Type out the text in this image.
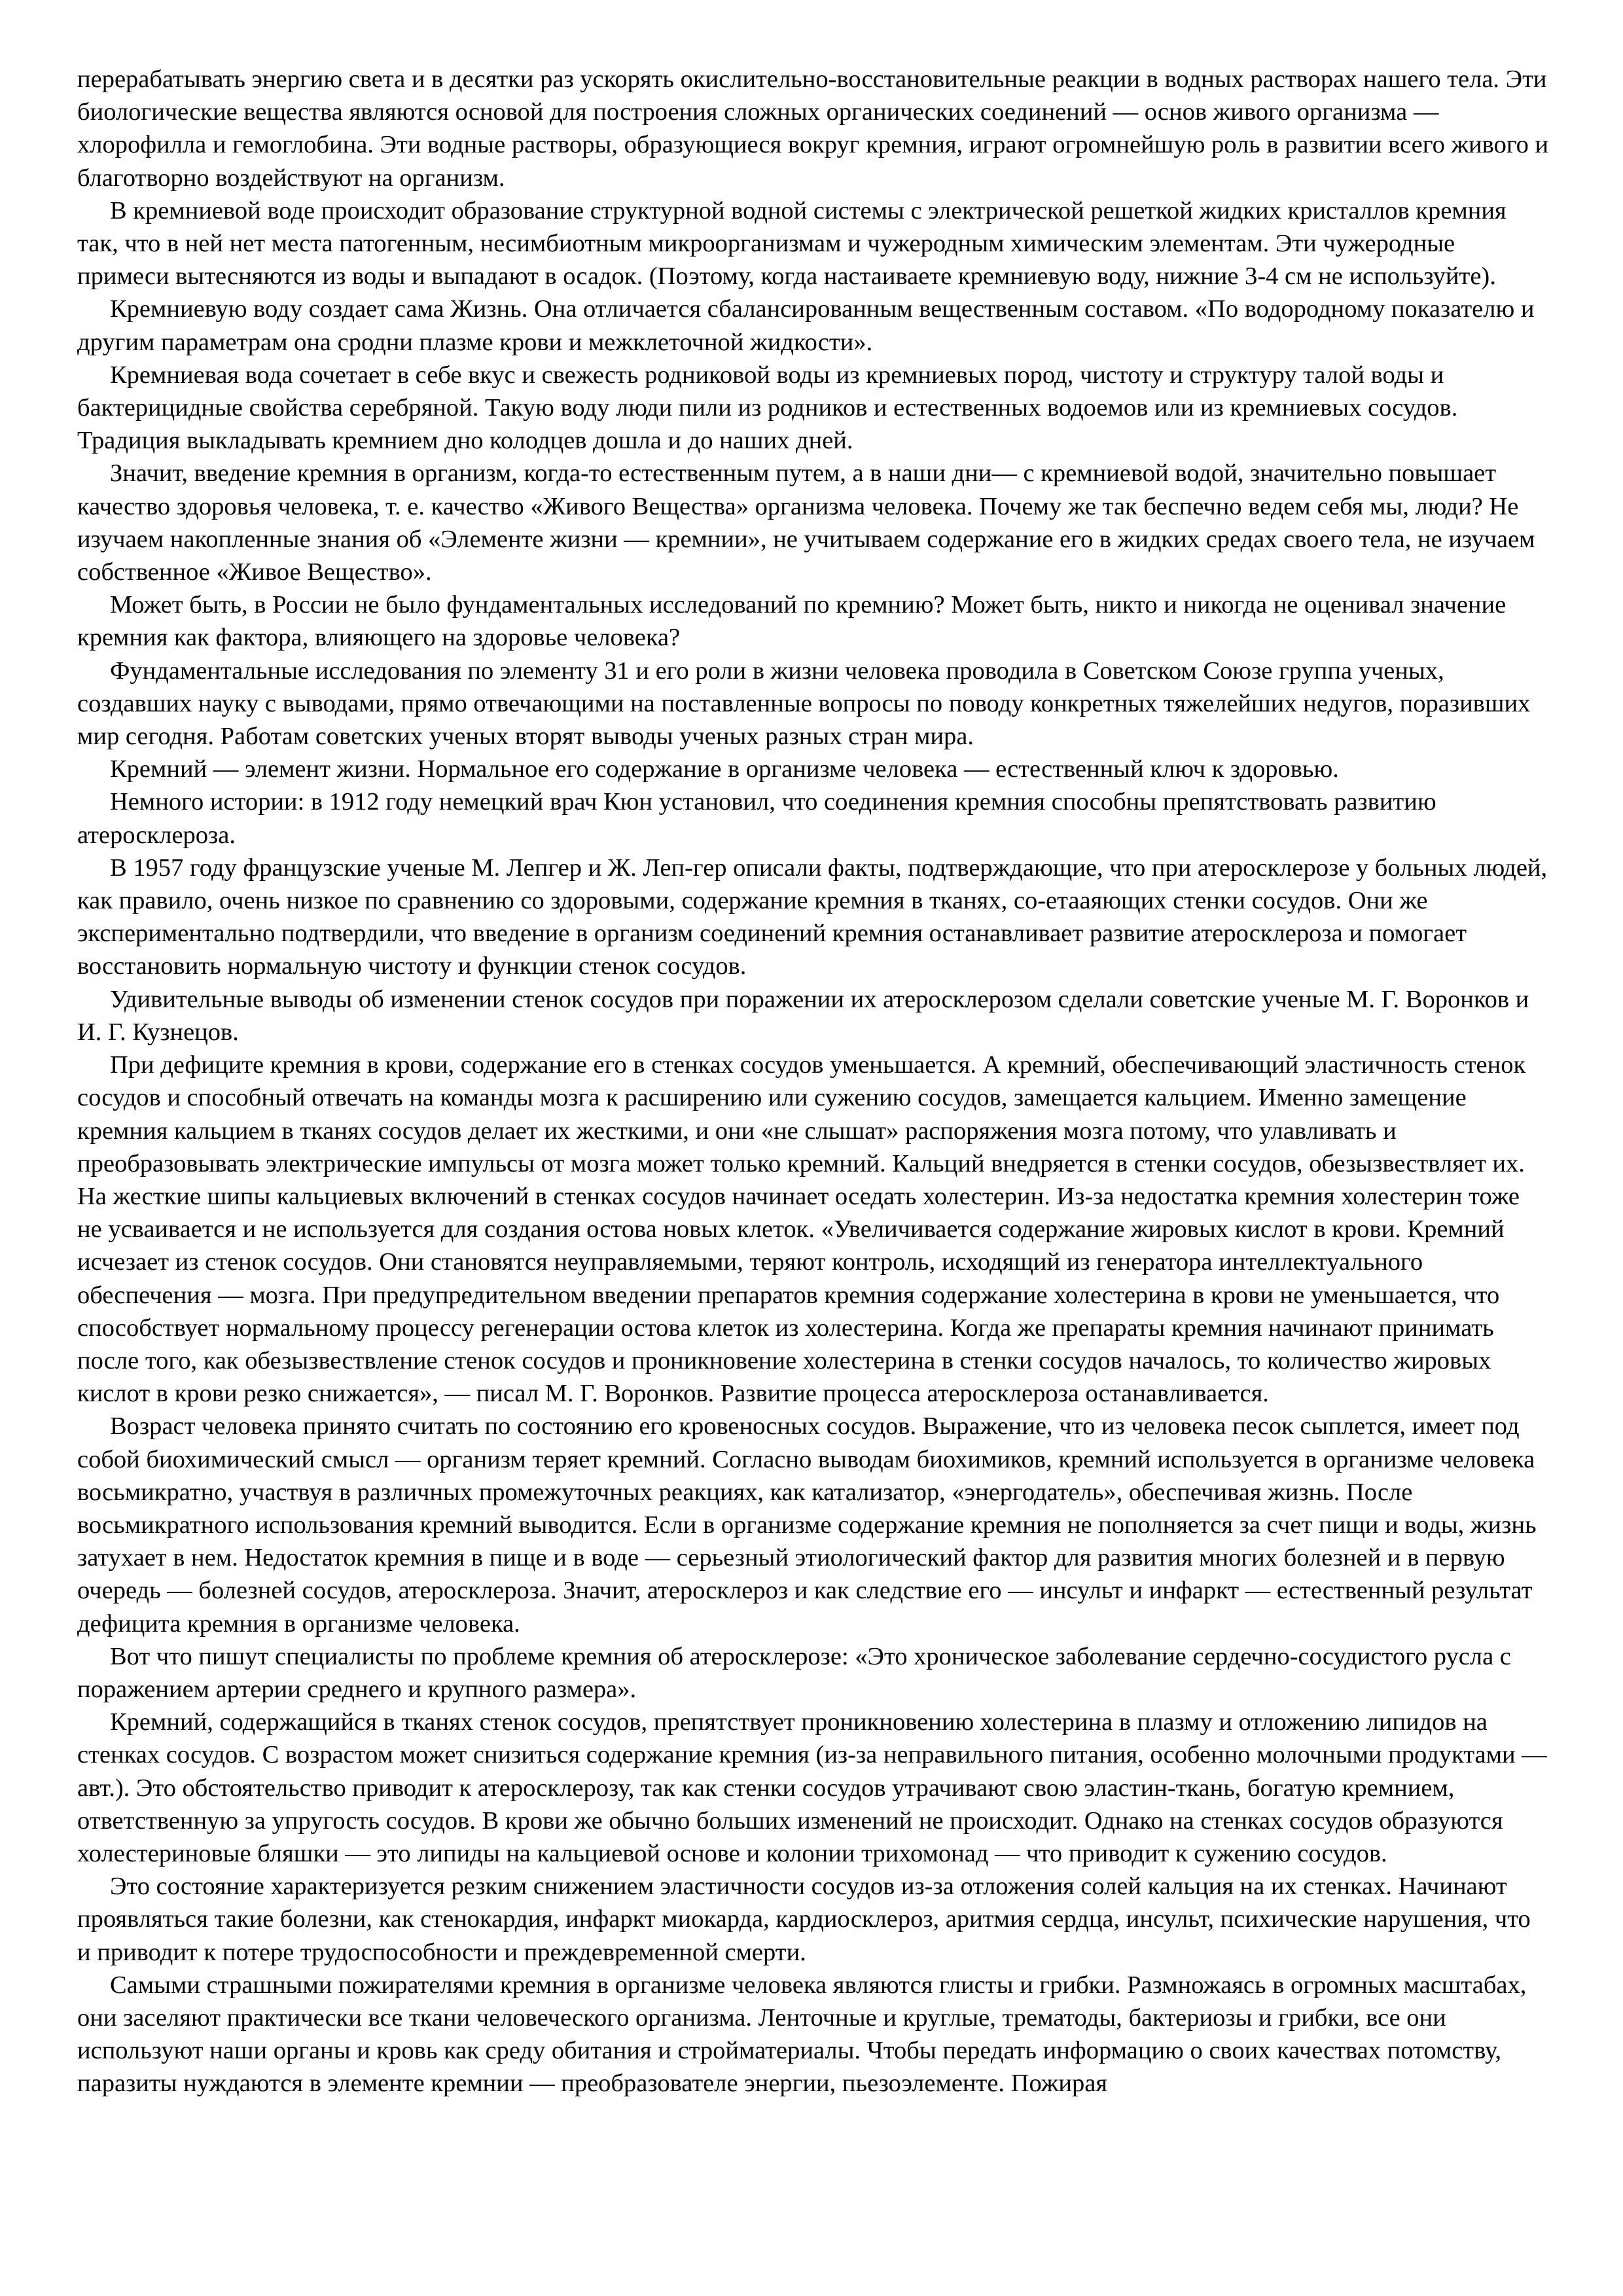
перерабатывать энергию света и в десятки раз ускорять окислительно-восстановительные реакции в водных растворах нашего тела. Эти биологические вещества являются основой для построения сложных органических соединений — основ живого организма — хлорофилла и гемоглобина. Эти водные растворы, образующиеся вокруг кремния, играют огромнейшую роль в развитии всего живого и благотворно воздействуют на организм.

В кремниевой воде происходит образование структурной водной системы с электрической решеткой жидких кристаллов кремния так, что в ней нет места патогенным, несимбиотным микроорганизмам и чужеродным химическим элементам. Эти чужеродные примеси вытесняются из воды и выпадают в осадок. (Поэтому, когда настаиваете кремниевую воду, нижние 3-4 см не используйте).

Кремниевую воду создает сама Жизнь. Она отличается сбалансированным вещественным составом. «По водородному показателю и другим параметрам она сродни плазме крови и межклеточной жидкости».

Кремниевая вода сочетает в себе вкус и свежесть родниковой воды из кремниевых пород, чистоту и структуру талой воды и бактерицидные свойства серебряной. Такую воду люди пили из родников и естественных водоемов или из кремниевых сосудов. Традиция выкладывать кремнием дно колодцев дошла и до наших дней.

Значит, введение кремния в организм, когда-то естественным путем, а в наши дни— с кремниевой водой, значительно повышает качество здоровья человека, т. е. качество «Живого Вещества» организма человека. Почему же так беспечно ведем себя мы, люди? Не изучаем накопленные знания об «Элементе жизни — кремнии», не учитываем содержание его в жидких средах своего тела, не изучаем собственное «Живое Вещество».

Может быть, в России не было фундаментальных исследований по кремнию? Может быть, никто и никогда не оценивал значение кремния как фактора, влияющего на здоровье человека?

Фундаментальные исследования по элементу 31 и его роли в жизни человека проводила в Советском Союзе группа ученых, создавших науку с выводами, прямо отвечающими на поставленные вопросы по поводу конкретных тяжелейших недугов, поразивших мир сегодня. Работам советских ученых вторят выводы ученых разных стран мира.

Кремний — элемент жизни. Нормальное его содержание в организме человека — естественный ключ к здоровью.

Немного истории: в 1912 году немецкий врач Кюн установил, что соединения кремния способны препятствовать развитию атеросклероза.

В 1957 году французские ученые М. Лепгер и Ж. Леп-гер описали факты, подтверждающие, что при атеросклерозе у больных людей, как правило, очень низкое по сравнению со здоровыми, содержание кремния в тканях, со-етааяющих стенки сосудов. Они же экспериментально подтвердили, что введение в организм соединений кремния останавливает развитие атеросклероза и помогает восстановить нормальную чистоту и функции стенок сосудов.

Удивительные выводы об изменении стенок сосудов при поражении их атеросклерозом сделали советские ученые М. Г. Воронков и И. Г. Кузнецов.

При дефиците кремния в крови, содержание его в стенках сосудов уменьшается. А кремний, обеспечивающий эластичность стенок сосудов и способный отвечать на команды мозга к расширению или сужению сосудов, замещается кальцием. Именно замещение кремния кальцием в тканях сосудов делает их жесткими, и они «не слышат» распоряжения мозга потому, что улавливать и преобразовывать электрические импульсы от мозга может только кремний. Кальций внедряется в стенки сосудов, обезызвествляет их. На жесткие шипы кальциевых включений в стенках сосудов начинает оседать холестерин. Из-за недостатка кремния холестерин тоже не усваивается и не используется для создания остова новых клеток. «Увеличивается содержание жировых кислот в крови. Кремний исчезает из стенок сосудов. Они становятся неуправляемыми, теряют контроль, исходящий из генератора интеллектуального обеспечения — мозга. При предупредительном введении препаратов кремния содержание холестерина в крови не уменьшается, что способствует нормальному процессу регенерации остова клеток из холестерина. Когда же препараты кремния начинают принимать после того, как обезызвествление стенок сосудов и проникновение холестерина в стенки сосудов началось, то количество жировых кислот в крови резко снижается», — писал М. Г. Воронков. Развитие процесса атеросклероза останавливается.

Возраст человека принято считать по состоянию его кровеносных сосудов. Выражение, что из человека песок сыплется, имеет под собой биохимический смысл — организм теряет кремний. Согласно выводам биохимиков, кремний используется в организме человека восьмикратно, участвуя в различных промежуточных реакциях, как катализатор, «энергодатель», обеспечивая жизнь. После восьмикратного использования кремний выводится. Если в организме содержание кремния не пополняется за счет пищи и воды, жизнь затухает в нем. Недостаток кремния в пище и в воде — серьезный этиологический фактор для развития многих болезней и в первую очередь — болезней сосудов, атеросклероза. Значит, атеросклероз и как следствие его — инсульт и инфаркт — естественный результат дефицита кремния в организме человека.

Вот что пишут специалисты по проблеме кремния об атеросклерозе: «Это хроническое заболевание сердечно-сосудистого русла с поражением артерии среднего и крупного размера».

Кремний, содержащийся в тканях стенок сосудов, препятствует проникновению холестерина в плазму и отложению липидов на стенках сосудов. С возрастом может снизиться содержание кремния (из-за неправильного питания, особенно молочными продуктами — авт.). Это обстоятельство приводит к атеросклерозу, так как стенки сосудов утрачивают свою эластин-ткань, богатую кремнием, ответственную за упругость сосудов. В крови же обычно больших изменений не происходит. Однако на стенках сосудов образуются холестериновые бляшки — это липиды на кальциевой основе и колонии трихомонад — что приводит к сужению сосудов.

Это состояние характеризуется резким снижением эластичности сосудов из-за отложения солей кальция на их стенках. Начинают проявляться такие болезни, как стенокардия, инфаркт миокарда, кардиосклероз, аритмия сердца, инсульт, психические нарушения, что и приводит к потере трудоспособности и преждевременной смерти.

Самыми страшными пожирателями кремния в организме человека являются глисты и грибки. Размножаясь в огромных масштабах, они заселяют практически все ткани человеческого организма. Ленточные и круглые, трематоды, бактериозы и грибки, все они используют наши органы и кровь как среду обитания и стройматериалы. Чтобы передать информацию о своих качествах потомству, паразиты нуждаются в элементе кремнии — преобразователе энергии, пьезоэлементе. Пожирая
